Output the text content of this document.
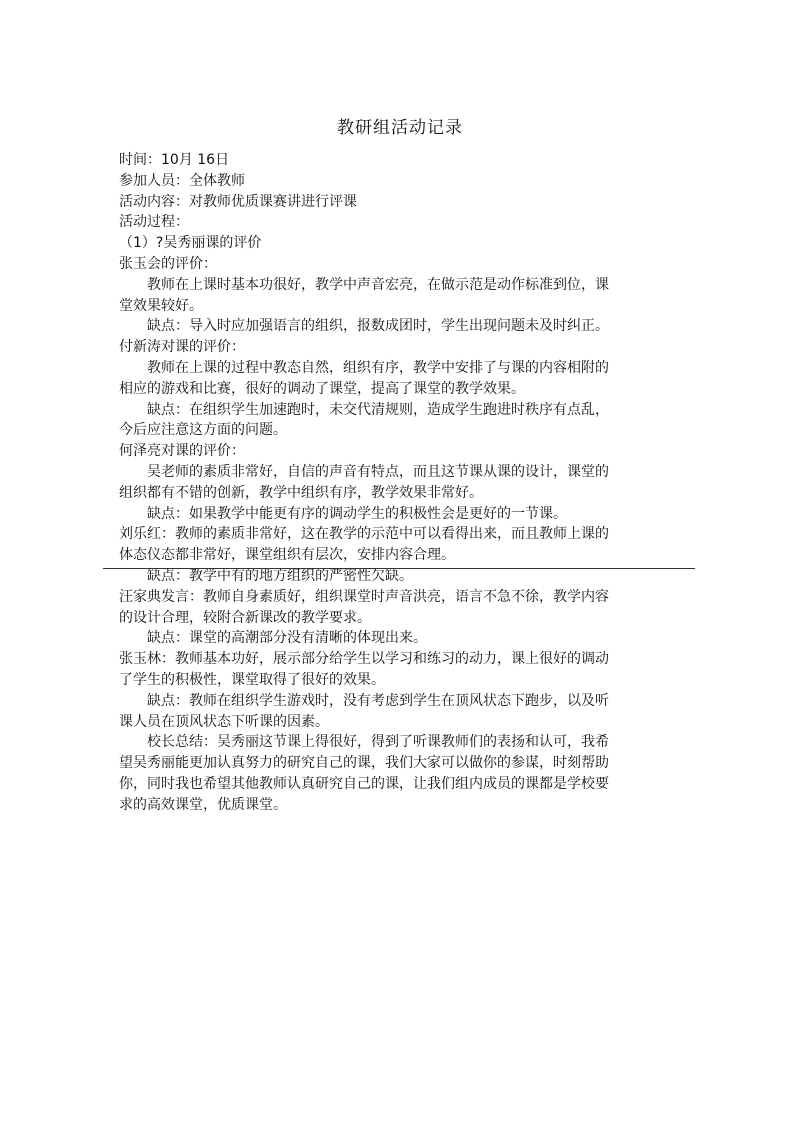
教研组活动记录
时间：10月 16日
参加人员：全体教师
活动内容：对教师优质课赛讲进行评课
活动过程：
（1）?吴秀丽课的评价
张玉会的评价：
教师在上课时基本功很好，教学中声音宏亮，在做示范是动作标准到位，课
堂效果较好。
缺点：导入时应加强语言的组织，报数成团时，学生出现问题未及时纠正。
付新涛对课的评价：
教师在上课的过程中教态自然，组织有序，教学中安排了与课的内容相附的
相应的游戏和比赛，很好的调动了课堂，提高了课堂的教学效果。
缺点：在组织学生加速跑时，未交代清规则，造成学生跑进时秩序有点乱，
今后应注意这方面的问题。
何泽亮对课的评价：
吴老师的素质非常好，自信的声音有特点，而且这节课从课的设计，课堂的
组织都有不错的创新，教学中组织有序，教学效果非常好。
缺点：如果教学中能更有序的调动学生的积极性会是更好的一节课。
刘乐红：教师的素质非常好，这在教学的示范中可以看得出来，而且教师上课的
体态仪态都非常好，课堂组织有层次，安排内容合理。
缺点：教学中有的地方组织的严密性欠缺。
汪家典发言：教师自身素质好，组织课堂时声音洪亮，语言不急不徐，教学内容
的设计合理，较附合新课改的教学要求。
缺点：课堂的高潮部分没有清晰的体现出来。
张玉林：教师基本功好，展示部分给学生以学习和练习的动力，课上很好的调动
了学生的积极性，课堂取得了很好的效果。
缺点：教师在组织学生游戏时，没有考虑到学生在顶风状态下跑步，以及听
课人员在顶风状态下听课的因素。
校长总结：吴秀丽这节课上得很好，得到了听课教师们的表扬和认可，我希
望吴秀丽能更加认真努力的研究自己的课，我们大家可以做你的参谋，时刻帮助
你，同时我也希望其他教师认真研究自己的课，让我们组内成员的课都是学校要
求的高效课堂，优质课堂。
